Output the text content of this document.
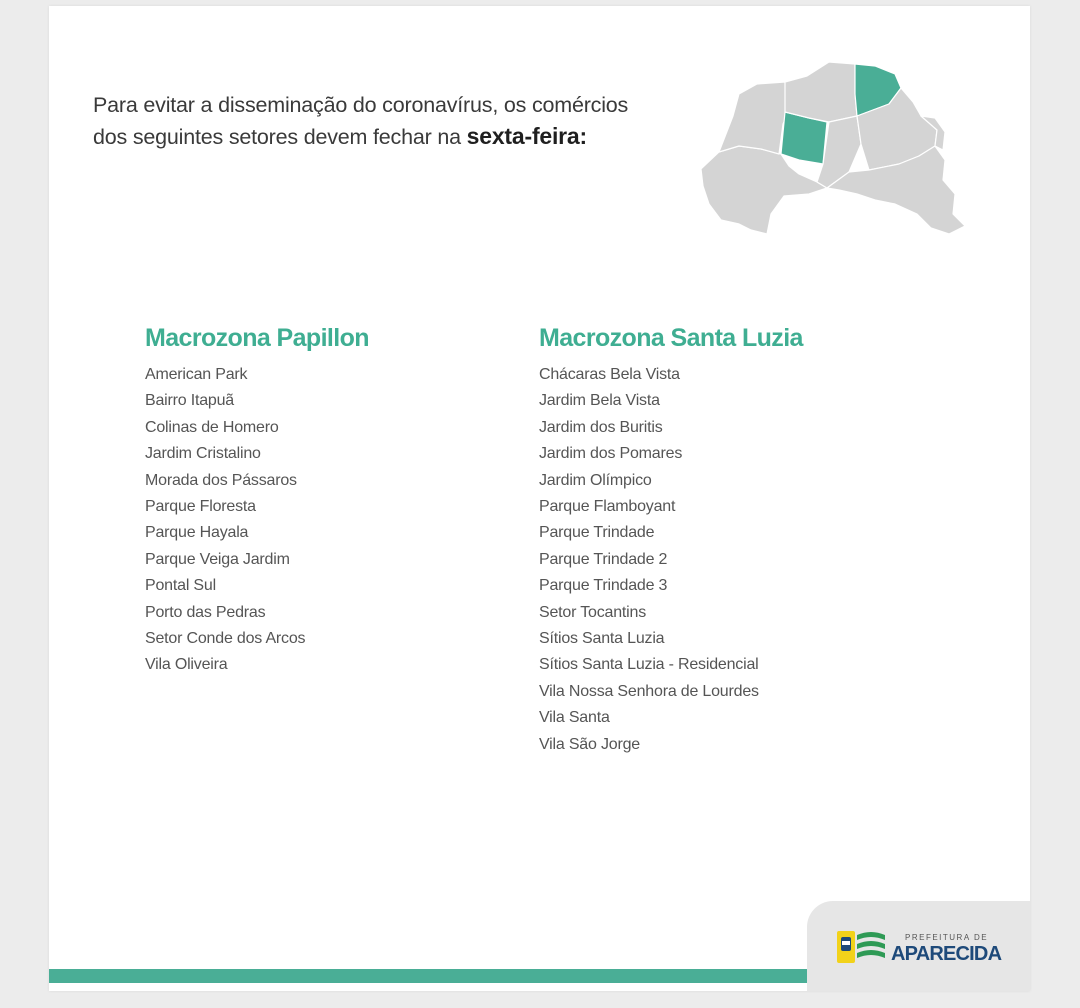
Para evitar a disseminação do coronavírus, os comércios
dos seguintes setores devem fechar na sexta-feira:
Macrozona Papillon
American Park
Bairro Itapuã
Colinas de Homero
Jardim Cristalino
Morada dos Pássaros
Parque Floresta
Parque Hayala
Parque Veiga Jardim
Pontal Sul
Porto das Pedras
Setor Conde dos Arcos
Vila Oliveira
Macrozona Santa Luzia
Chácaras Bela Vista
Jardim Bela Vista
Jardim dos Buritis
Jardim dos Pomares
Jardim Olímpico
Parque Flamboyant
Parque Trindade
Parque Trindade 2
Parque Trindade 3
Setor Tocantins
Sítios Santa Luzia
Sítios Santa Luzia - Residencial
Vila Nossa Senhora de Lourdes
Vila Santa
Vila São Jorge
PREFEITURA DE
APARECIDA
